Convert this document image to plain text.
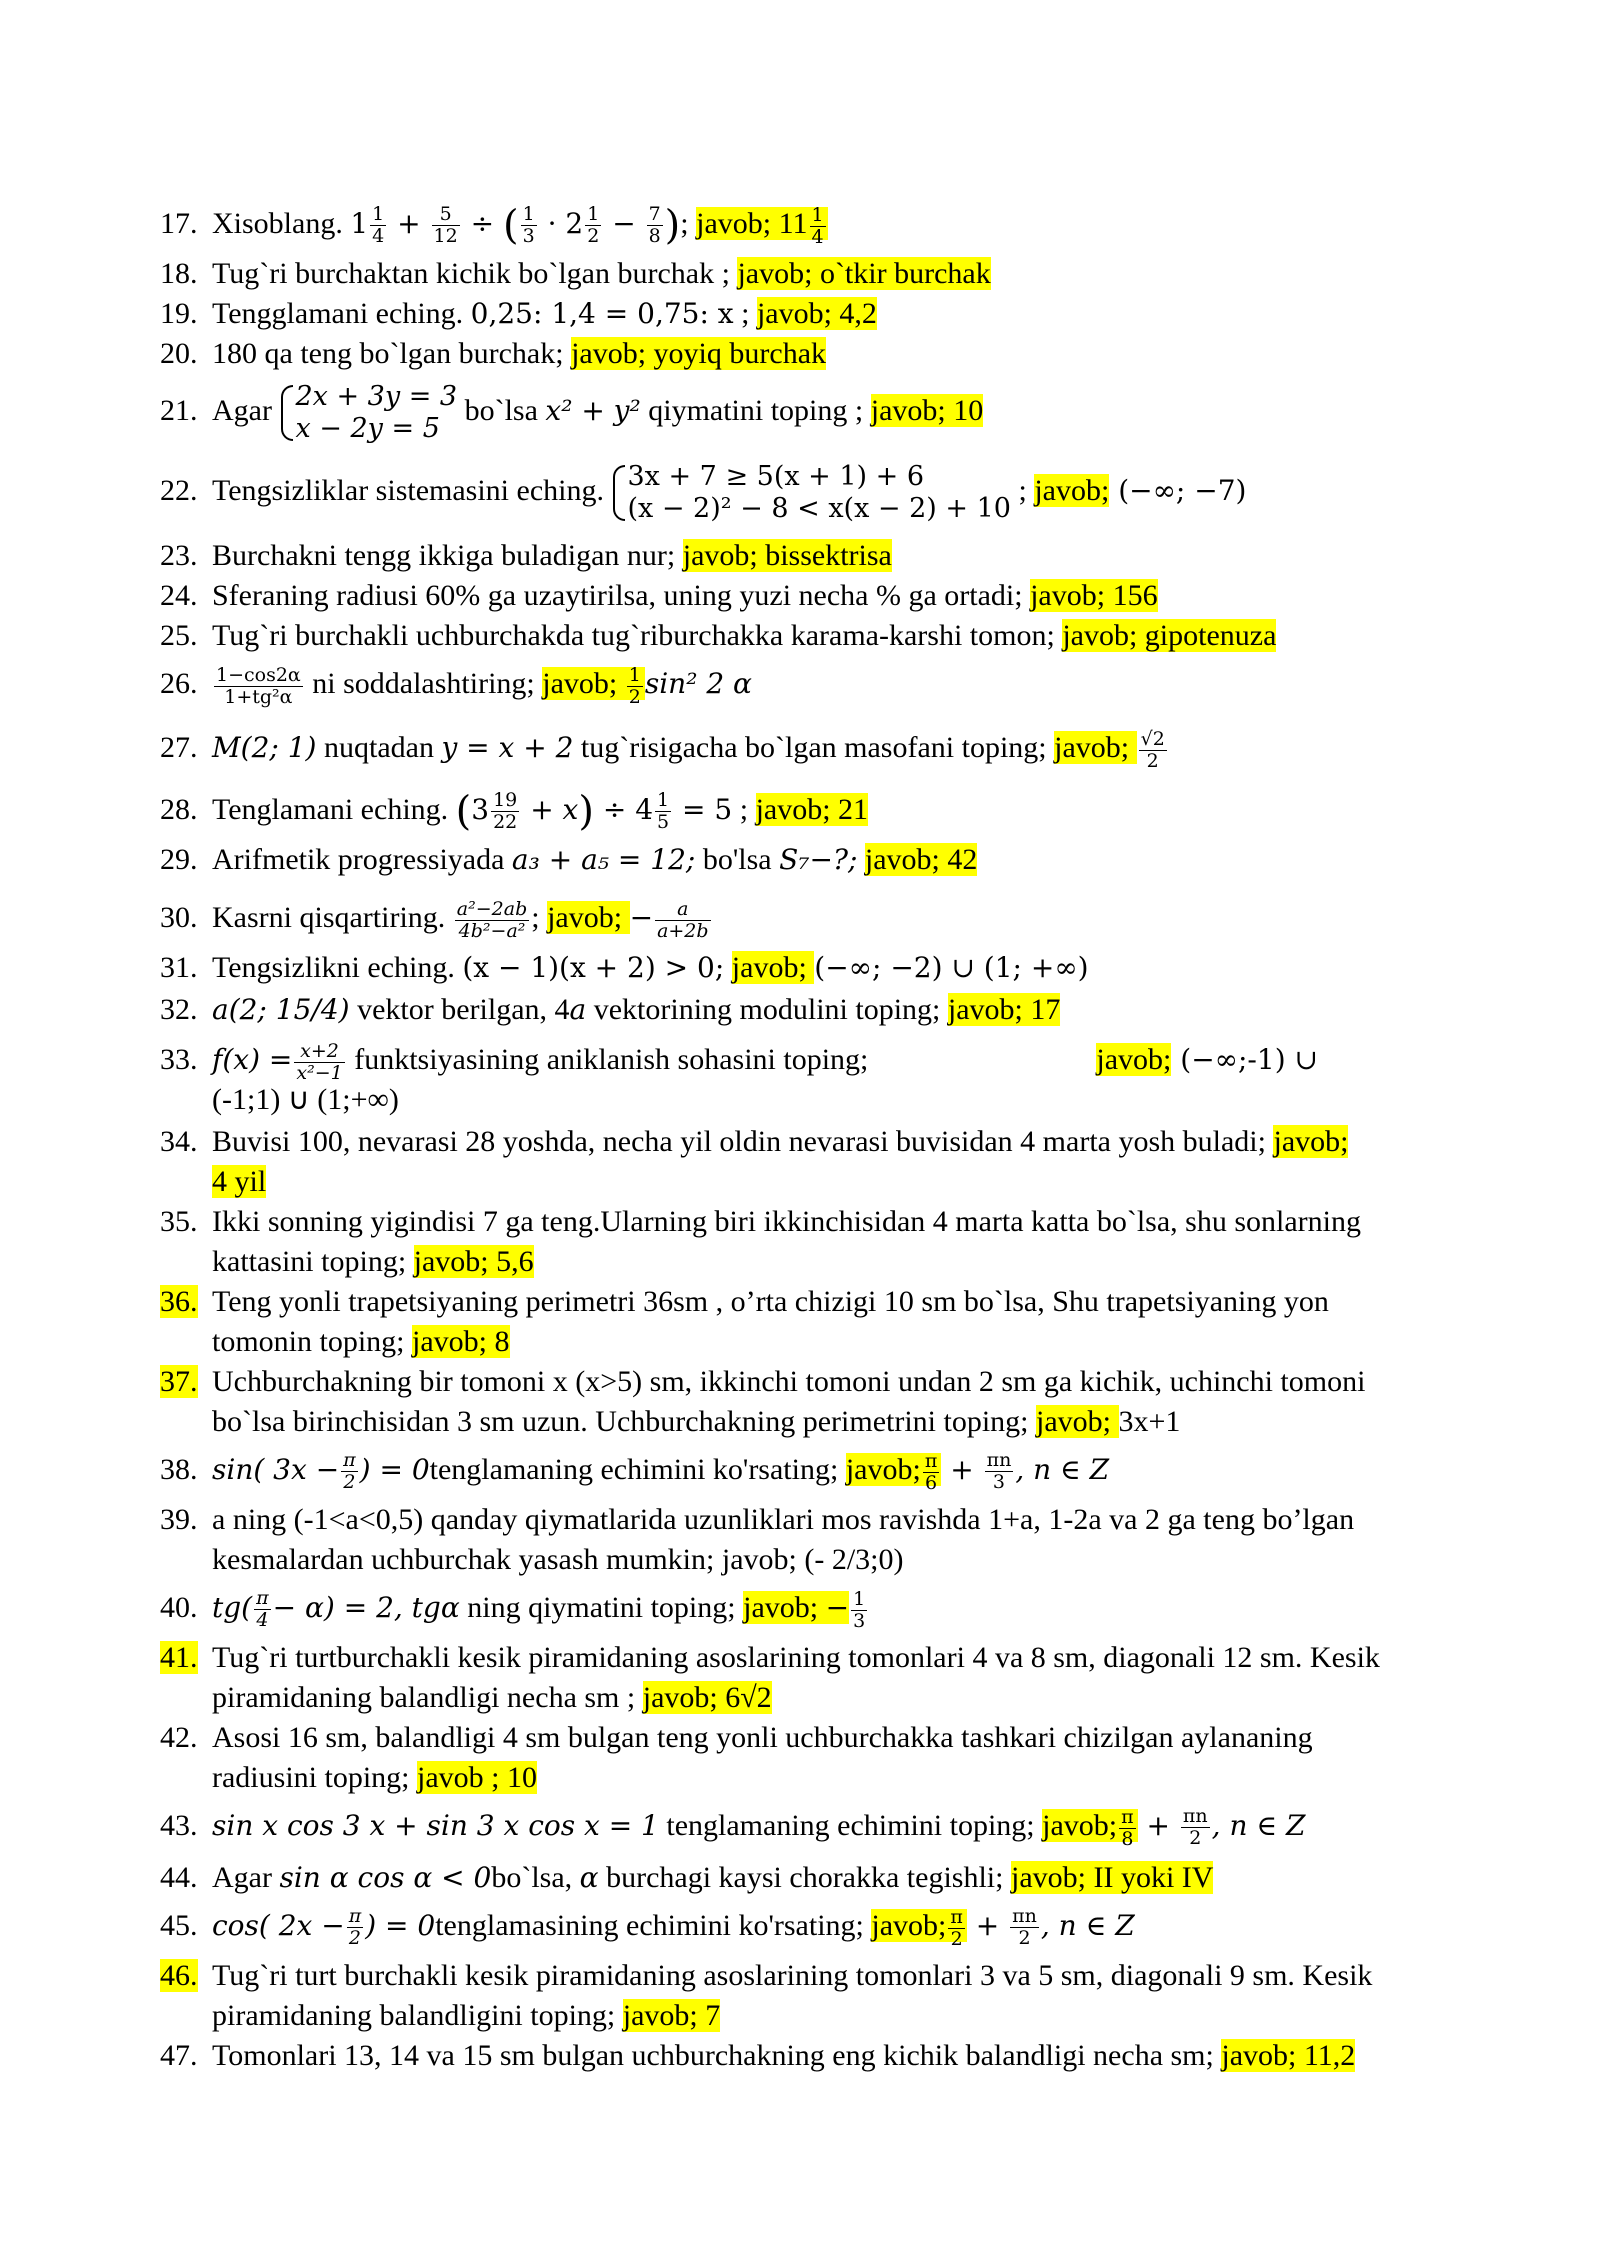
17. Xisoblang. $1 \frac{1}{4} + \frac{5}{12}$ ÷ ( $\frac{1}{3} \cdot 2 \frac{1}{2} - \frac{7}{8}$ ); javob; $11 \frac{1}{4}$
18. Tug`ri burchaktan kichik bo`lgan burchak ; javob; o`tkir burchak
19. Tengglamani eching. 0,25: 1,4 = 0,75: x ; javob; 4,2
20. 180 qa teng bo`lgan burchak; javob; yoyiq burchak
21. Agar 2x + 3y = 3
x − 2y = 5
bo`lsa x² + y² qiymatini toping ; javob; 10
22. Tengsizliklar sistemasini eching. 3x + 7 ≥ 5(x + 1) + 6
(x − 2)² − 8 < x(x − 2) + 10
; javob; (−∞; −7)
23. Burchakni tengg ikkiga buladigan nur; javob; bissektrisa
24. Sferaning radiusi 60% ga uzaytirilsa, uning yuzi necha % ga ortadi; javob; 156
25. Tug`ri burchakli uchburchakda tug`riburchakka karama-karshi tomon; javob; gipotenuza
26. $\frac{1-\cos 2\alpha}{\text{1+tg²α}}$ ni soddalashtiring; javob; $\frac{1}{2} \sin^2$ 2 α
27. M(2; 1) nuqtadan y = x + 2 tug`risigacha bo`lgan masofani toping; javob; $\frac{√2}{2}$
28. Tenglamani eching. $(3 \frac{19}{22} + x) \div 4 \frac{1}{5} = 5$ ; javob; 21
29. Arifmetik progressiyada a₃ + a₅ = 12; bo'lsa S₇−?; javob; 42
30. Kasrni qisqartiring. $\frac{\text{a²−2ab}}{\text{4b²−a²}}$ ; javob; − $\frac{a}{a+2b}$
31. Tengsizlikni eching. (x − 1)(x + 2) > 0; javob; (−∞; −2) ∪ (1; +∞)
32. a(2; 15/4) vektor berilgan, 4a vektorining modulini toping; javob; 17
33. $f(x) = \frac{x+2}{\text{x²−1}}$ funktsiyasining aniklanish sohasini toping;	javob; (−∞;-1) ∪
(-1;1) ∪ (1;+∞)
34. Buvisi 100, nevarasi 28 yoshda, necha yil oldin nevarasi buvisidan 4 marta yosh buladi; javob;
4 yil
35. Ikki sonning yigindisi 7 ga teng.Ularning biri ikkinchisidan 4 marta katta bo`lsa, shu sonlarning
kattasini toping; javob; 5,6
36. Teng yonli trapetsiyaning perimetri 36sm , o’rta chizigi 10 sm bo`lsa, Shu trapetsiyaning yon
tomonin toping; javob; 8
37. Uchburchakning bir tomoni x (x>5) sm, ikkinchi tomoni undan 2 sm ga kichik, uchinchi tomoni
bo`lsa birinchisidan 3 sm uzun. Uchburchakning perimetrini toping; javob; 3x+1
38. sin( $3x - \frac{\pi}{2}$ ) = 0tenglamaning echimini ko'rsating; javob; $\frac{\pi}{6} + \frac{\pi n}{3}$ , n ∈ Z
39. a ning (-1<a<0,5) qanday qiymatlarida uzunliklari mos ravishda 1+a, 1-2a va 2 ga teng bo’lgan
kesmalardan uchburchak yasash mumkin; javob; (- 2/3;0)
40. $tg( \frac{\pi}{4} - \alpha) = 2$, tgα ning qiymatini toping; javob; − $\frac{1}{3}$
41. Tug`ri turtburchakli kesik piramidaning asoslarining tomonlari 4 va 8 sm, diagonali 12 sm. Kesik
piramidaning balandligi necha sm ; javob; 6√2
42. Asosi 16 sm, balandligi 4 sm bulgan teng yonli uchburchakka tashkari chizilgan aylananing
radiusini toping; javob ; 10
43. sin x cos 3 x + sin 3 x cos x = 1 tenglamaning echimini toping; javob; $\frac{\pi}{8} + \frac{\pi n}{2}$ , n ∈ Z
44. Agar sin α cos α < 0bo`lsa, α burchagi kaysi chorakka tegishli; javob; II yoki IV
45. cos( $2x - \frac{\pi}{2}$ ) = 0tenglamasining echimini ko'rsating; javob; $\frac{\pi}{2} + \frac{\pi n}{2}$ , n ∈ Z
46. Tug`ri turt burchakli kesik piramidaning asoslarining tomonlari 3 va 5 sm, diagonali 9 sm. Kesik
piramidaning balandligini toping; javob; 7
47. Tomonlari 13, 14 va 15 sm bulgan uchburchakning eng kichik balandligi necha sm; javob; 11,2
